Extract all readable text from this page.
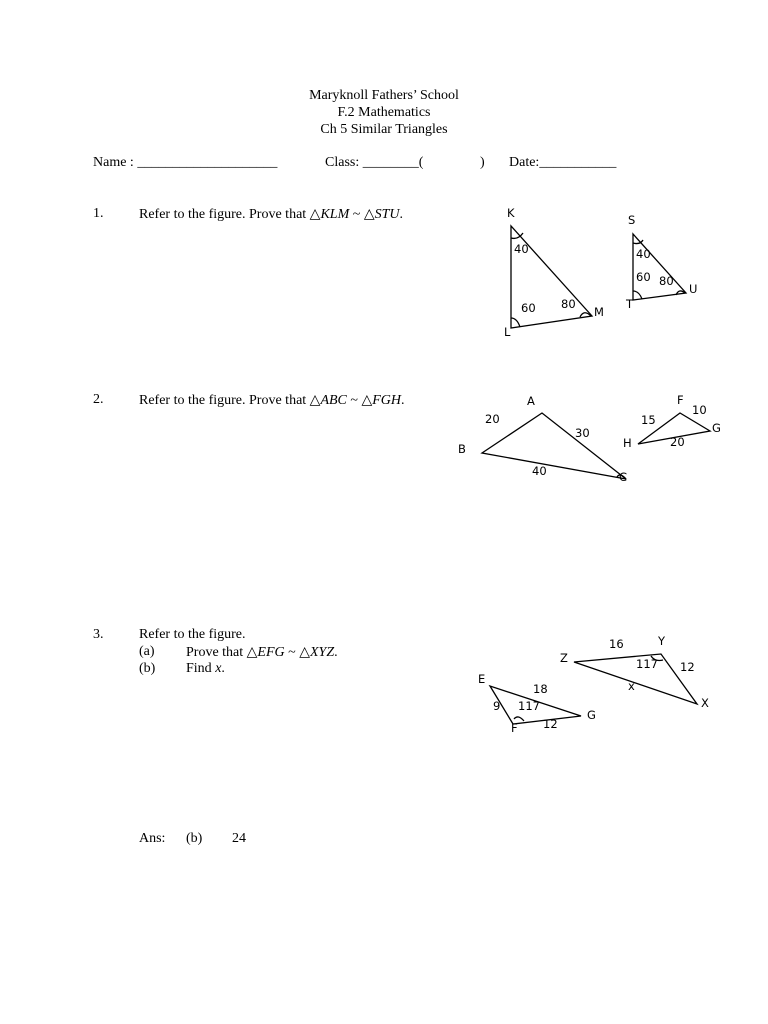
Maryknoll Fathers’ School
F.2 Mathematics
Ch 5 Similar Triangles
Name : ____________________	Class: ________(	) Date:___________
1.	Refer to the figure. Prove that △KLM ~ △STU.	K
L
M
40
60 80
S
T
U
40
60 80
2.	Refer to the figure. Prove that △ABC ~ △FGH.	A
B
C
20
30
40
F
G
H
15
10
20
3.	Refer to the figure.
(a) Prove that △EFG ~ △XYZ.
(b) Find x.
Z
Y
X
16
117 12
x
E
F
G
18
9 117
12
Ans: (b) 24
